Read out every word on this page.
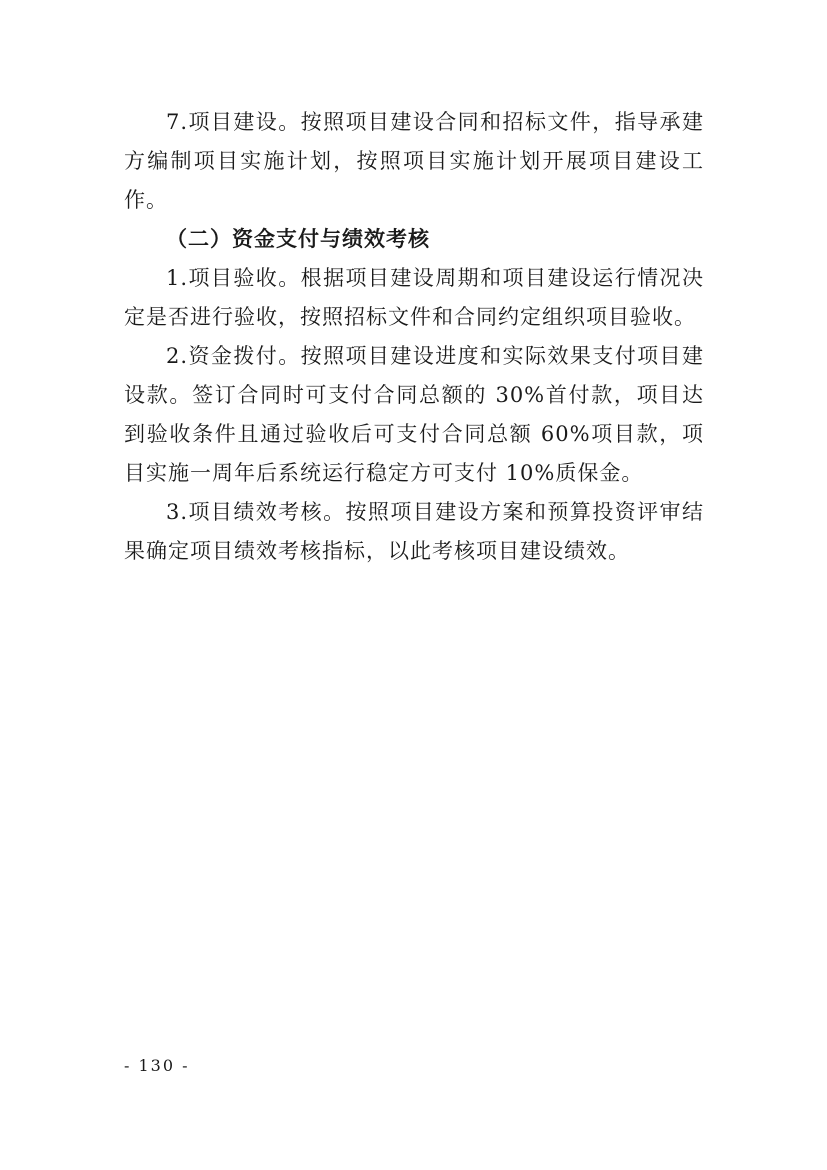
7.项目建设。按照项目建设合同和招标文件，指导承建方编制项目实施计划，按照项目实施计划开展项目建设工作。

（二）资金支付与绩效考核

1.项目验收。根据项目建设周期和项目建设运行情况决定是否进行验收，按照招标文件和合同约定组织项目验收。

2.资金拨付。按照项目建设进度和实际效果支付项目建设款。签订合同时可支付合同总额的 30%首付款，项目达到验收条件且通过验收后可支付合同总额 60%项目款，项目实施一周年后系统运行稳定方可支付 10%质保金。

3.项目绩效考核。按照项目建设方案和预算投资评审结果确定项目绩效考核指标，以此考核项目建设绩效。

- 130 -
